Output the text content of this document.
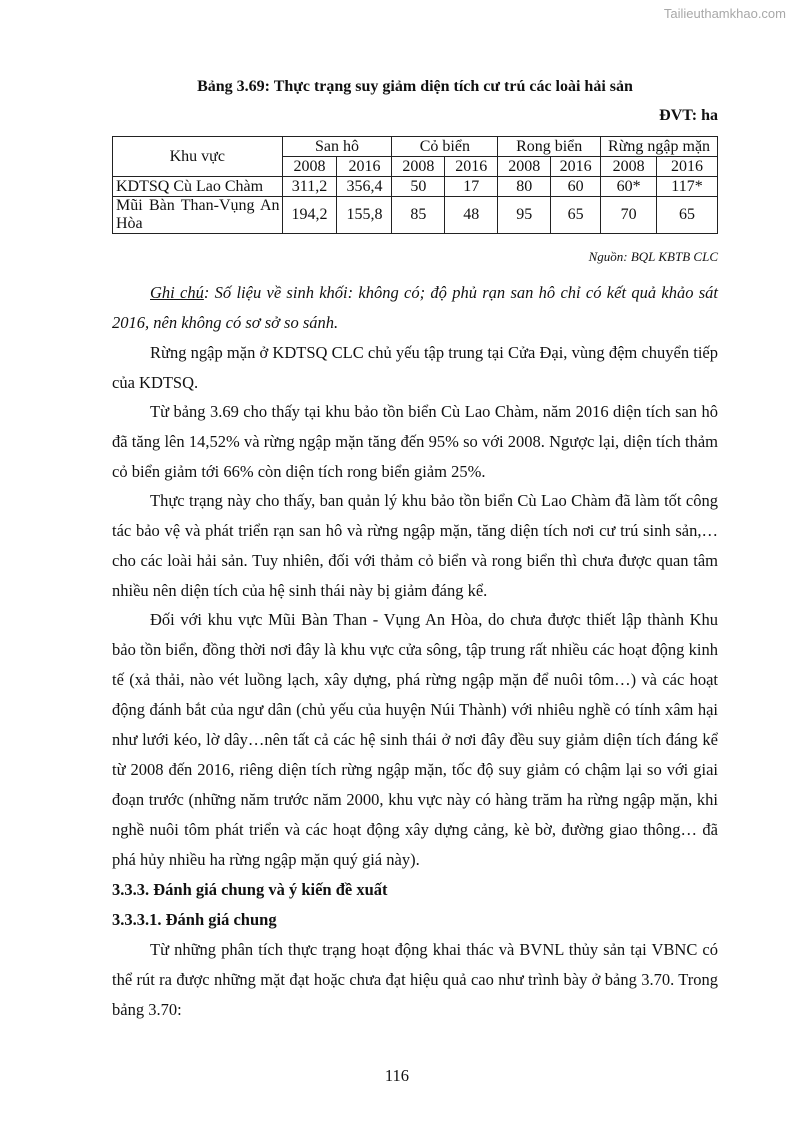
Tailieuthamkhao.com
Bảng 3.69: Thực trạng suy giảm diện tích cư trú các loài hải sản
ĐVT: ha
Khu vực	San hô		Cỏ biển		Rong biển		Rừng ngập mặn	
	2008	2016	2008	2016	2008	2016	2008	2016
KDTSQ Cù Lao Chàm	311,2	356,4	50	17	80	60	60*	117*
Mũi Bàn Than-Vụng An Hòa	194,2	155,8	85	48	95	65	70	65
Nguồn: BQL KBTB CLC

Ghi chú: Số liệu về sinh khối: không có; độ phủ rạn san hô chỉ có kết quả khảo sát 2016, nên không có sơ sở so sánh.

Rừng ngập mặn ở KDTSQ CLC chủ yếu tập trung tại Cửa Đại, vùng đệm chuyển tiếp của KDTSQ.

Từ bảng 3.69 cho thấy tại khu bảo tồn biển Cù Lao Chàm, năm 2016 diện tích san hô đã tăng lên 14,52% và rừng ngập mặn tăng đến 95% so với 2008. Ngược lại, diện tích thảm cỏ biển giảm tới 66% còn diện tích rong biển giảm 25%.

Thực trạng này cho thấy, ban quản lý khu bảo tồn biển Cù Lao Chàm đã làm tốt công tác bảo vệ và phát triển rạn san hô và rừng ngập mặn, tăng diện tích nơi cư trú sinh sản,… cho các loài hải sản. Tuy nhiên, đối với thảm cỏ biển và rong biển thì chưa được quan tâm nhiều nên diện tích của hệ sinh thái này bị giảm đáng kể.

Đối với khu vực Mũi Bàn Than - Vụng An Hòa, do chưa được thiết lập thành Khu bảo tồn biển, đồng thời nơi đây là khu vực cửa sông, tập trung rất nhiều các hoạt động kinh tế (xả thải, nào vét luồng lạch, xây dựng, phá rừng ngập mặn để nuôi tôm…) và các hoạt động đánh bắt của ngư dân (chủ yếu của huyện Núi Thành) với nhiêu nghề có tính xâm hại như lưới kéo, lờ dây…nên tất cả các hệ sinh thái ở nơi đây đều suy giảm diện tích đáng kể từ 2008 đến 2016, riêng diện tích rừng ngập mặn, tốc độ suy giảm có chậm lại so với giai đoạn trước (những năm trước năm 2000, khu vực này có hàng trăm ha rừng ngập mặn, khi nghề nuôi tôm phát triển và các hoạt động xây dựng cảng, kè bờ, đường giao thông… đã phá hủy nhiều ha rừng ngập mặn quý giá này).

3.3.3. Đánh giá chung và ý kiến đề xuất
3.3.3.1. Đánh giá chung

Từ những phân tích thực trạng hoạt động khai thác và BVNL thủy sản tại VBNC có thể rút ra được những mặt đạt hoặc chưa đạt hiệu quả cao như trình bày ở bảng 3.70. Trong bảng 3.70:

116
